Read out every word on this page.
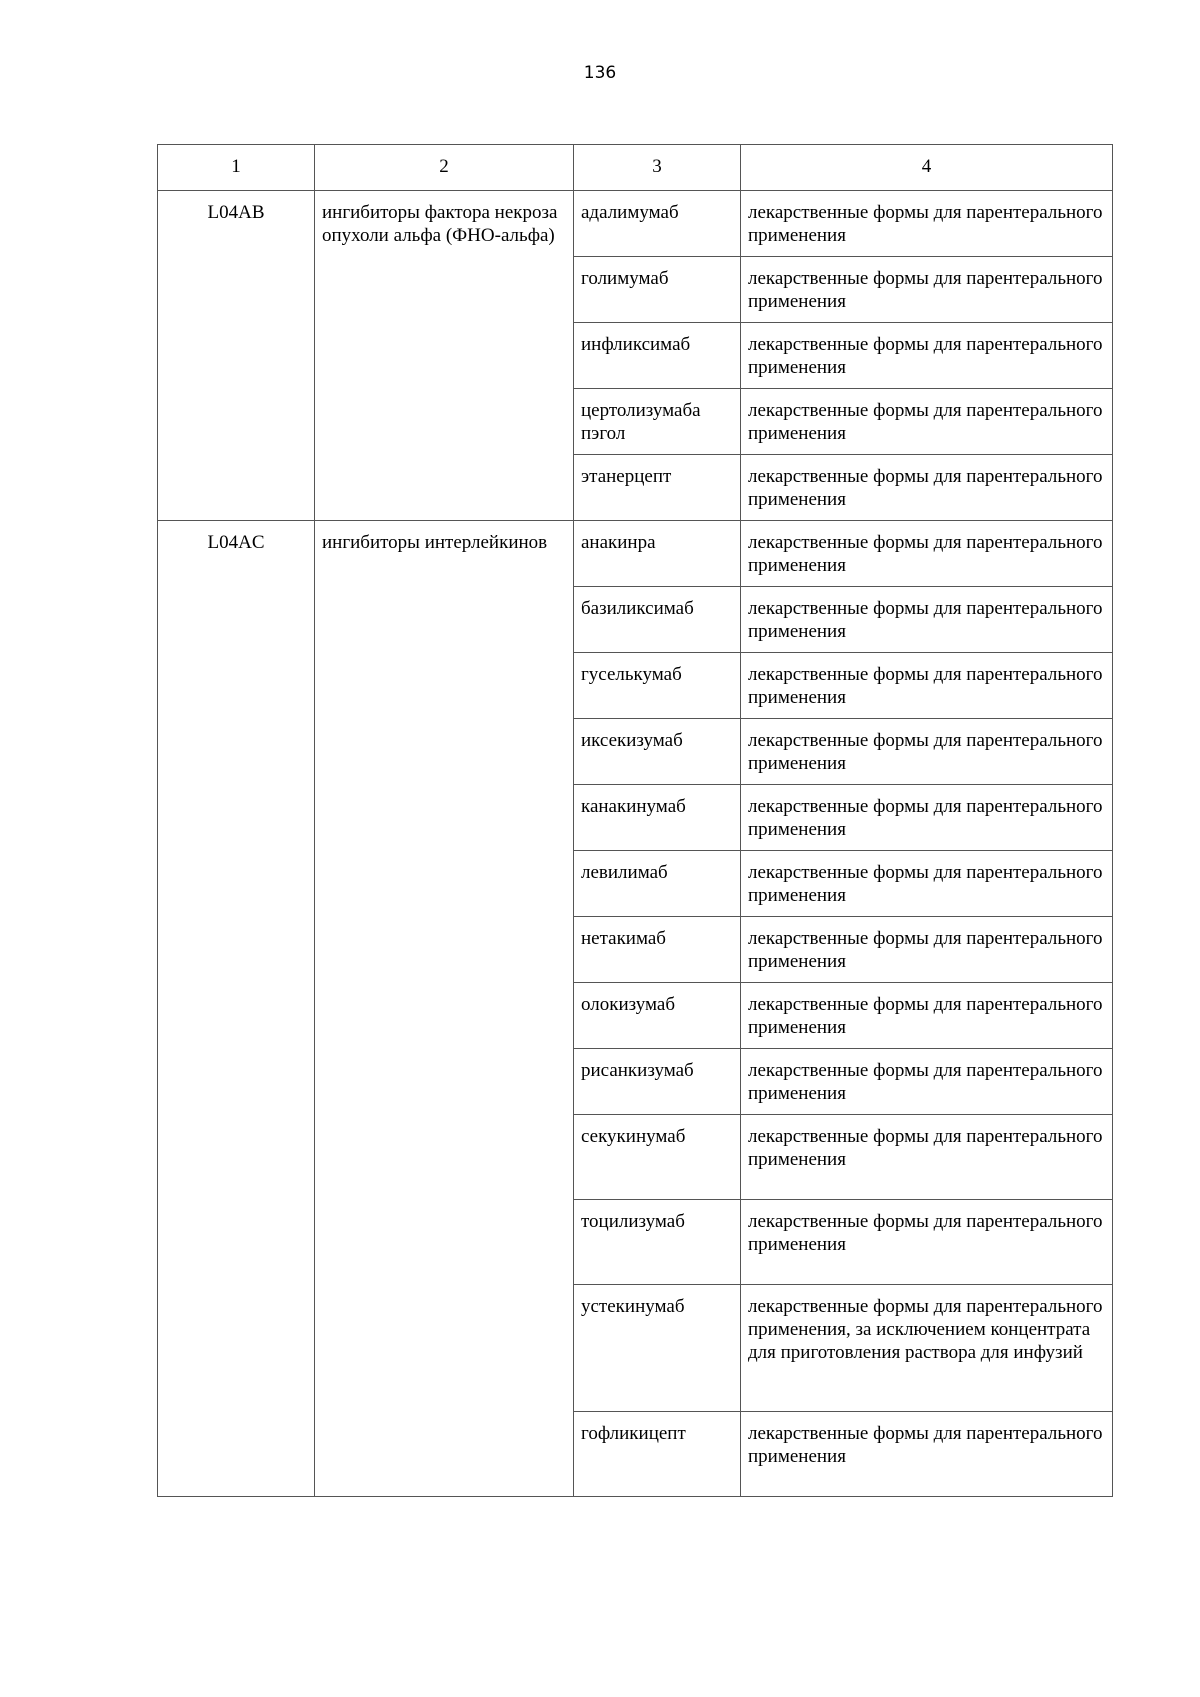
136
1	2	3	4
L04AB	ингибиторы фактора некроза опухоли альфа (ФНО-альфа)	адалимумаб	лекарственные формы для парентерального применения
		голимумаб	лекарственные формы для парентерального применения
		инфликсимаб	лекарственные формы для парентерального применения
		цертолизумаба пэгол	лекарственные формы для парентерального применения
		этанерцепт	лекарственные формы для парентерального применения
L04AC	ингибиторы интерлейкинов	анакинра	лекарственные формы для парентерального применения
		базиликсимаб	лекарственные формы для парентерального применения
		гуселькумаб	лекарственные формы для парентерального применения
		иксекизумаб	лекарственные формы для парентерального применения
		канакинумаб	лекарственные формы для парентерального применения
		левилимаб	лекарственные формы для парентерального применения
		нетакимаб	лекарственные формы для парентерального применения
		олокизумаб	лекарственные формы для парентерального применения
		рисанкизумаб	лекарственные формы для парентерального применения
		секукинумаб	лекарственные формы для парентерального применения
		тоцилизумаб	лекарственные формы для парентерального применения
		устекинумаб	лекарственные формы для парентерального применения, за исключением концентрата для приготовления раствора для инфузий
		гофликицепт	лекарственные формы для парентерального применения
